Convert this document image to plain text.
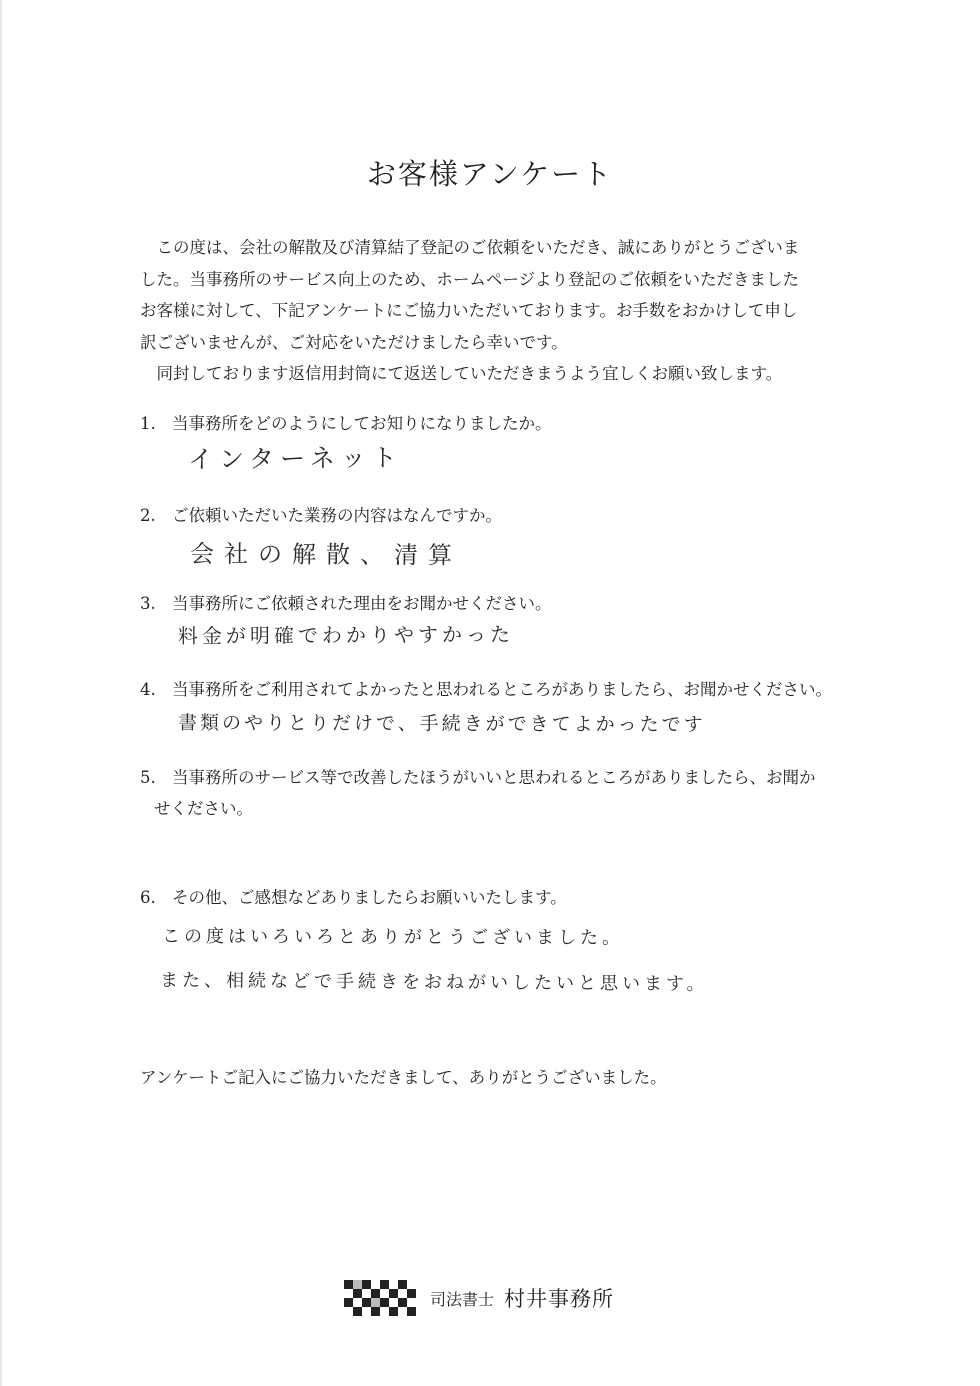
お客様アンケート

　この度は、会社の解散及び清算結了登記のご依頼をいただき、誠にありがとうございま

した。当事務所のサービス向上のため、ホームページより登記のご依頼をいただきました

お客様に対して、下記アンケートにご協力いただいております。お手数をおかけして申し

訳ございませんが、ご対応をいただけましたら幸いです。

　同封しております返信用封筒にて返送していただきまうよう宜しくお願い致します。

1. 当事務所をどのようにしてお知りになりましたか。
インターネット
2. ご依頼いただいた業務の内容はなんですか。
会社の解散、清算
3. 当事務所にご依頼された理由をお聞かせください。
料金が明確でわかりやすかった
4. 当事務所をご利用されてよかったと思われるところがありましたら、お聞かせください。
書類のやりとりだけで、手続きができてよかったです
5. 当事務所のサービス等で改善したほうがいいと思われるところがありましたら、お聞か
せください。
6. その他、ご感想などありましたらお願いいたします。
この度はいろいろとありがとうございました。
また、相続などで手続きをおねがいしたいと思います。
アンケートご記入にご協力いただきまして、ありがとうございました。
司法書士 村井事務所
